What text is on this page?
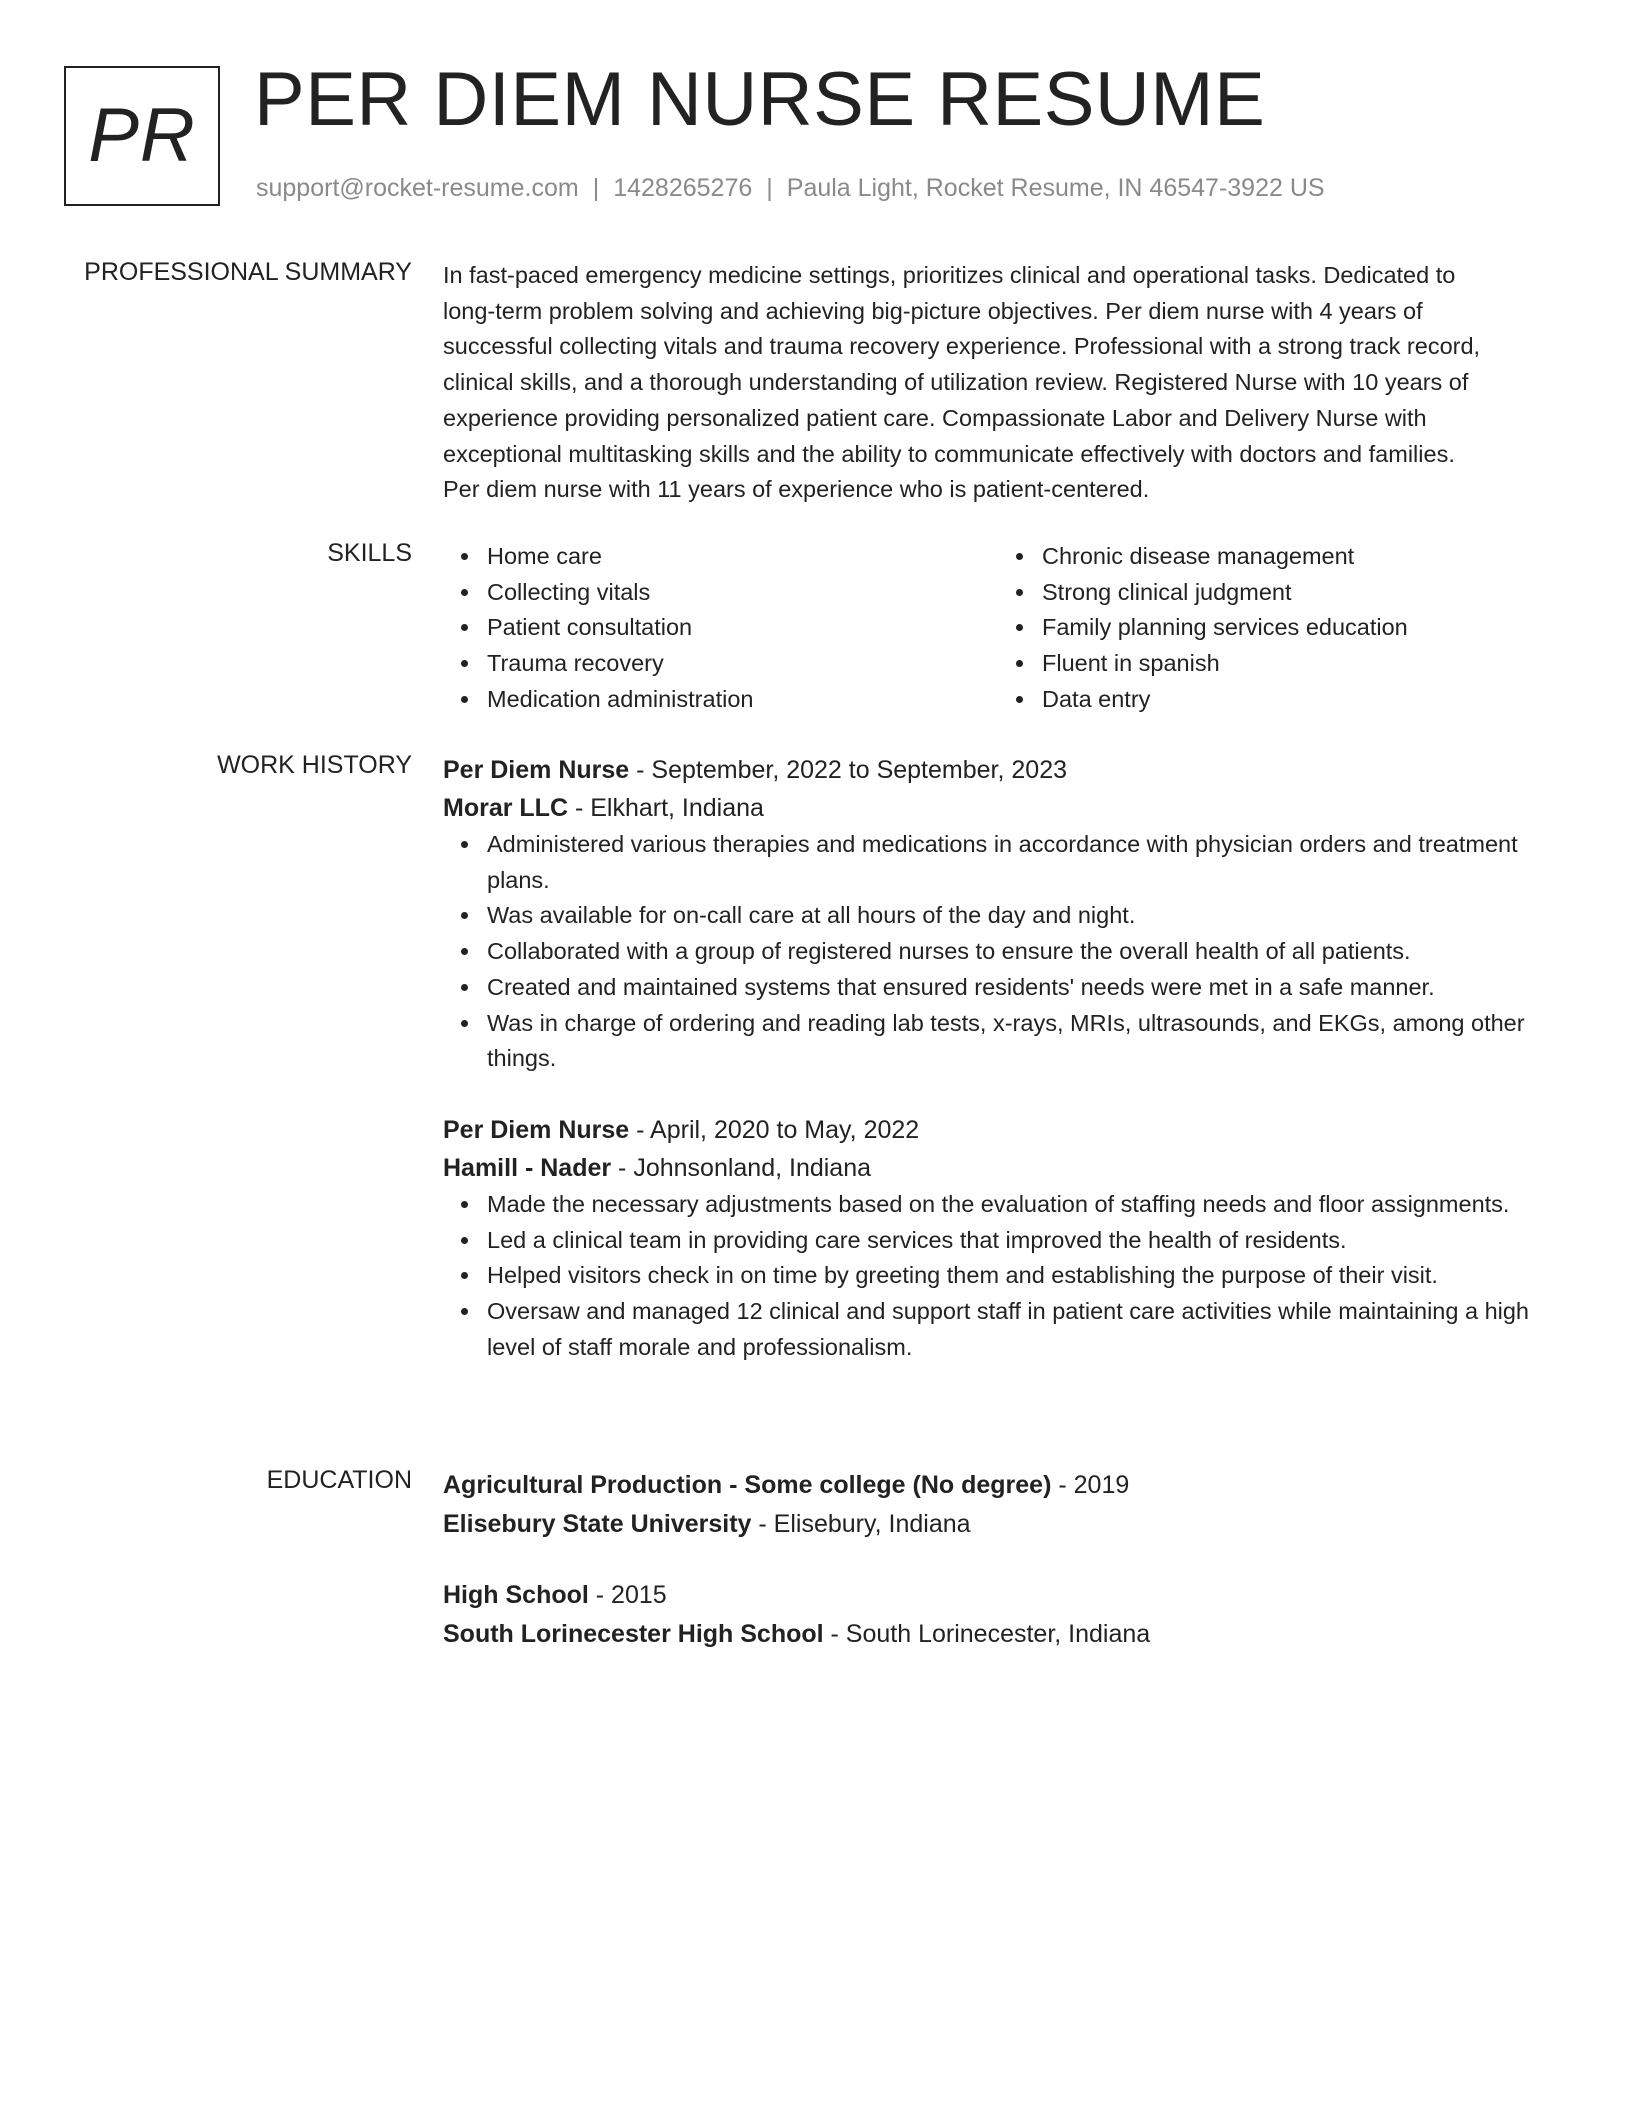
PR PER DIEM NURSE RESUME
support@rocket-resume.com | 1428265276 | Paula Light, Rocket Resume, IN 46547-3922 US
PROFESSIONAL SUMMARY In fast-paced emergency medicine settings, prioritizes clinical and operational tasks. Dedicated to
long-term problem solving and achieving big-picture objectives. Per diem nurse with 4 years of
successful collecting vitals and trauma recovery experience. Professional with a strong track record,
clinical skills, and a thorough understanding of utilization review. Registered Nurse with 10 years of
experience providing personalized patient care. Compassionate Labor and Delivery Nurse with
exceptional multitasking skills and the ability to communicate effectively with doctors and families.
Per diem nurse with 11 years of experience who is patient-centered.
SKILLS	Home care
Collecting vitals
Patient consultation
Trauma recovery
Medication administration
Chronic disease management
Strong clinical judgment
Family planning services education
Fluent in spanish
Data entry
WORK HISTORY Per Diem Nurse - September, 2022 to September, 2023
Morar LLC - Elkhart, Indiana
Administered various therapies and medications in accordance with physician orders and treatment plans.
Was available for on-call care at all hours of the day and night.
Collaborated with a group of registered nurses to ensure the overall health of all patients.
Created and maintained systems that ensured residents' needs were met in a safe manner.
Was in charge of ordering and reading lab tests, x-rays, MRIs, ultrasounds, and EKGs, among other things.
Per Diem Nurse - April, 2020 to May, 2022
Hamill - Nader - Johnsonland, Indiana
Made the necessary adjustments based on the evaluation of staffing needs and floor assignments.
Led a clinical team in providing care services that improved the health of residents.
Helped visitors check in on time by greeting them and establishing the purpose of their visit.
Oversaw and managed 12 clinical and support staff in patient care activities while maintaining a high level of staff morale and professionalism.
EDUCATION Agricultural Production - Some college (No degree) - 2019
Elisebury State University - Elisebury, Indiana
High School - 2015
South Lorinecester High School - South Lorinecester, Indiana
